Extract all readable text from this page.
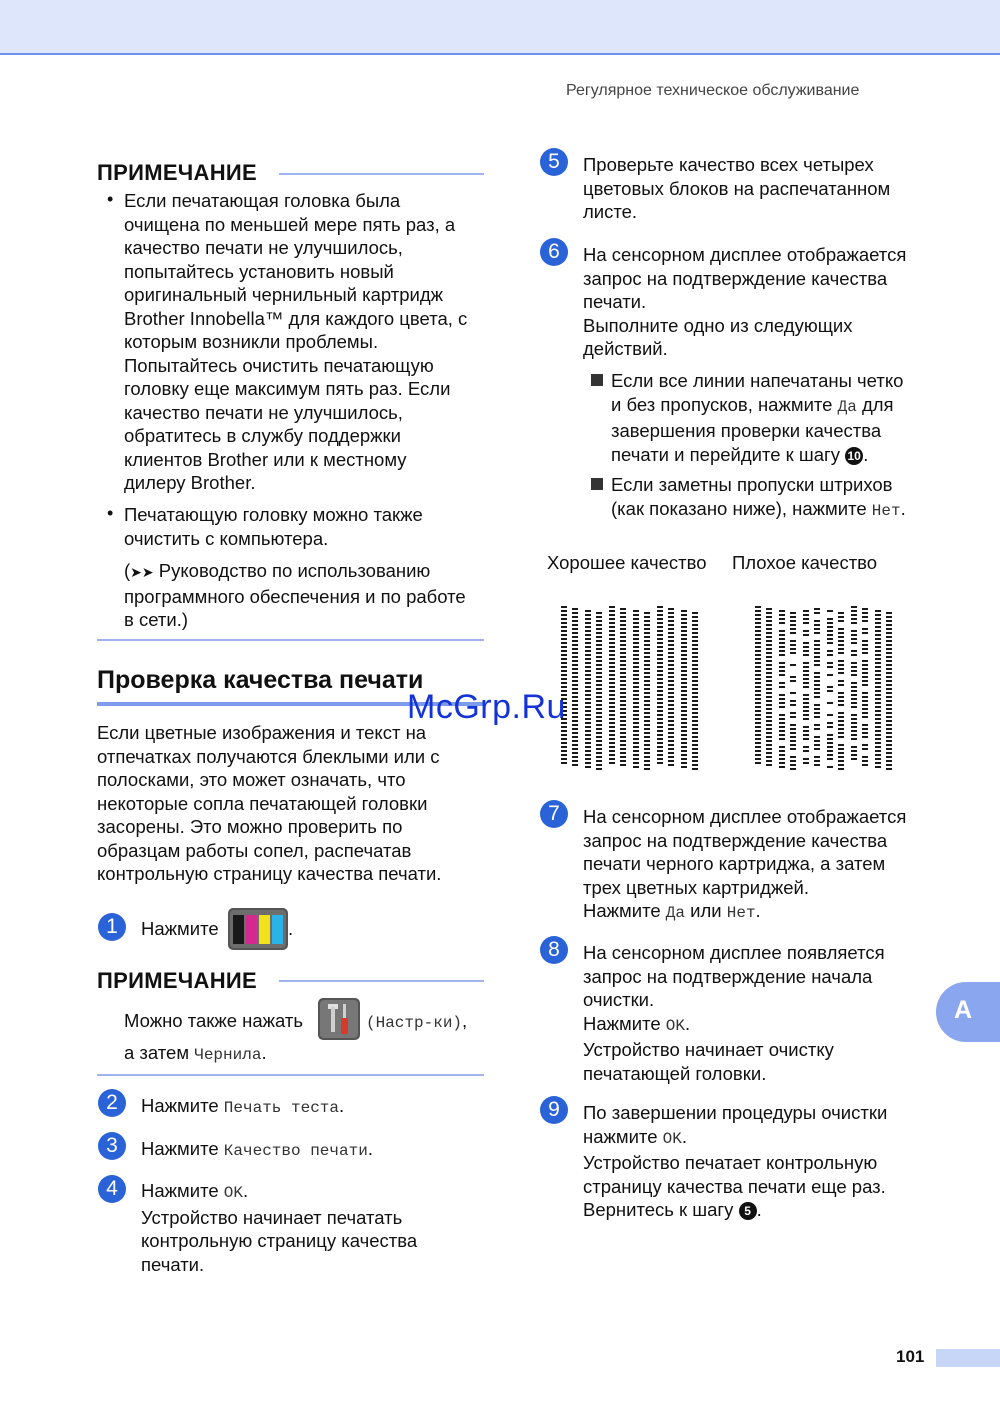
Регулярное техническое обслуживание
ПРИМЕЧАНИЕ
• Если печатающая головка была
очищена по меньшей мере пять раз, а
качество печати не улучшилось,
попытайтесь установить новый
оригинальный чернильный картридж
Brother Innobella™ для каждого цвета, с
которым возникли проблемы.
Попытайтесь очистить печатающую
головку еще максимум пять раз. Если
качество печати не улучшилось,
обратитесь в службу поддержки
клиентов Brother или к местному
дилеру Brother.
• Печатающую головку можно также
очистить с компьютера.
(➤➤ Руководство по использованию
программного обеспечения и по работе
в сети.)
Проверка качества печати
Если цветные изображения и текст на
отпечатках получаются блеклыми или с
полосками, это может означать, что
некоторые сопла печатающей головки
засорены. Это можно проверить по
образцам работы сопел, распечатав
контрольную страницу качества печати.
1	Нажмите	.
ПРИМЕЧАНИЕ
Можно также нажать	(Настр-ки),
а затем Чернила.
2	Нажмите Печать теста.
3	Нажмите Качество печати.
4	Нажмите OK.
Устройство начинает печатать
контрольную страницу качества
печати.
5	Проверьте качество всех четырех
цветовых блоков на распечатанном
листе.
6	На сенсорном дисплее отображается
запрос на подтверждение качества
печати.
Выполните одно из следующих
действий.
Если все линии напечатаны четко
и без пропусков, нажмите Да для
завершения проверки качества
печати и перейдите к шагу 10 .
Если заметны пропуски штрихов
(как показано ниже), нажмите Нет.
Хорошее качество Плохое качество
McGrp.Ru
7	На сенсорном дисплее отображается
запрос на подтверждение качества
печати черного картриджа, а затем
трех цветных картриджей.
Нажмите Да или Нет.
8	На сенсорном дисплее появляется
запрос на подтверждение начала
очистки.
Нажмите OK.
Устройство начинает очистку
печатающей головки.
9	По завершении процедуры очистки
нажмите OK.
Устройство печатает контрольную
страницу качества печати еще раз.
Вернитесь к шагу 5 .
A
101
